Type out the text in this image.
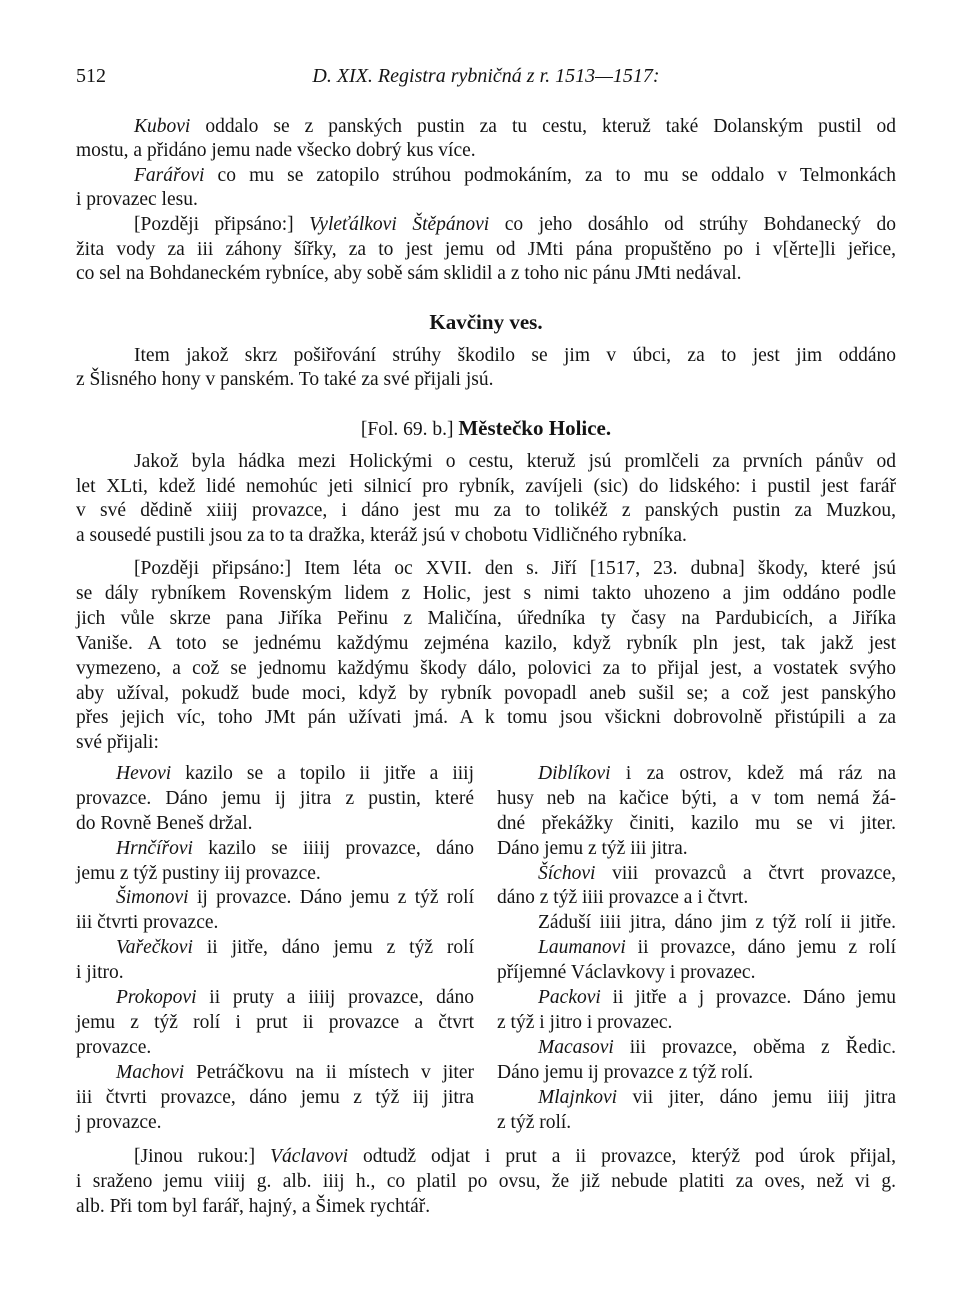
512	D. XIX. Registra rybničná z r. 1513—1517:
Kubovi oddalo se z panských pustin za tu cestu, kteruž také Dolanským pustil od
mostu, a přidáno jemu nade všecko dobrý kus více.
Farářovi co mu se zatopilo strúhou podmokáním, za to mu se oddalo v Telmonkách
i provazec lesu.
[Později připsáno:] Vyleťálkovi Štěpánovi co jeho dosáhlo od strúhy Bohdanecký do
žita vody za iii záhony šířky, za to jest jemu od JMti pána propuštěno po i v[ěrte]li jeřice,
co sel na Bohdaneckém rybníce, aby sobě sám sklidil a z toho nic pánu JMti nedával.
Kavčiny ves.
Item jakož skrz pošiřování strúhy škodilo se jim v úbci, za to jest jim oddáno
z Šlisného hony v panském. To také za své přijali jsú.
[Fol. 69. b.] Městečko Holice.
Jakož byla hádka mezi Holickými o cestu, kteruž jsú promlčeli za prvních pánův od
let XLti, kdež lidé nemohúc jeti silnicí pro rybník, zavíjeli (sic) do lidského: i pustil jest farář
v své dědině xiiij provazce, i dáno jest mu za to tolikéž z panských pustin za Muzkou,
a sousedé pustili jsou za to ta dražka, kteráž jsú v chobotu Vidličného rybníka.
[Později připsáno:] Item léta oc XVII. den s. Jiří [1517, 23. dubna] škody, které jsú
se dály rybníkem Rovenským lidem z Holic, jest s nimi takto uhozeno a jim oddáno podle
jich vůle skrze pana Jiříka Peřinu z Maličína, úředníka ty časy na Pardubicích, a Jiříka
Vaniše. A toto se jednému každýmu zejména kazilo, když rybník pln jest, tak jakž jest
vymezeno, a což se jednomu každýmu škody dálo, polovici za to přijal jest, a vostatek svýho
aby užíval, pokudž bude moci, když by rybník povopadl aneb sušil se; a což jest panskýho
přes jejich víc, toho JMt pán užívati jmá. A k tomu jsou všickni dobrovolně přistúpili a za
své přijali:
Hevovi kazilo se a topilo ii jitře a iiij
provazce. Dáno jemu ij jitra z pustin, které
do Rovně Beneš držal.
Hrnčířovi kazilo se iiiij provazce, dáno
jemu z týž pustiny iij provazce.
Šimonovi ij provazce. Dáno jemu z týž rolí
iii čtvrti provazce.
Vařečkovi ii jitře, dáno jemu z týž rolí
i jitro.
Prokopovi ii pruty a iiiij provazce, dáno
jemu z týž rolí i prut ii provazce a čtvrt
provazce.
Machovi Petráčkovu na ii místech v jiter
iii čtvrti provazce, dáno jemu z týž iij jitra
j provazce.
Diblíkovi i za ostrov, kdež má ráz na
husy neb na kačice býti, a v tom nemá žá-
dné překážky činiti, kazilo mu se vi jiter.
Dáno jemu z týž iii jitra.
Šíchovi viii provazců a čtvrt provazce,
dáno z týž iiii provazce a i čtvrt.
Záduší iiii jitra, dáno jim z týž rolí ii jitře.
Laumanovi ii provazce, dáno jemu z rolí
příjemné Václavkovy i provazec.
Packovi ii jitře a j provazce. Dáno jemu
z týž i jitro i provazec.
Macasovi iii provazce, oběma z Ředic.
Dáno jemu ij provazce z týž rolí.
Mlajnkovi vii jiter, dáno jemu iiij jitra
z týž rolí.
[Jinou rukou:] Václavovi odtudž odjat i prut a ii provazce, kterýž pod úrok přijal,
i sraženo jemu viiij g. alb. iiij h., co platil po ovsu, že již nebude platiti za oves, než vi g.
alb. Při tom byl farář, hajný, a Šimek rychtář.
